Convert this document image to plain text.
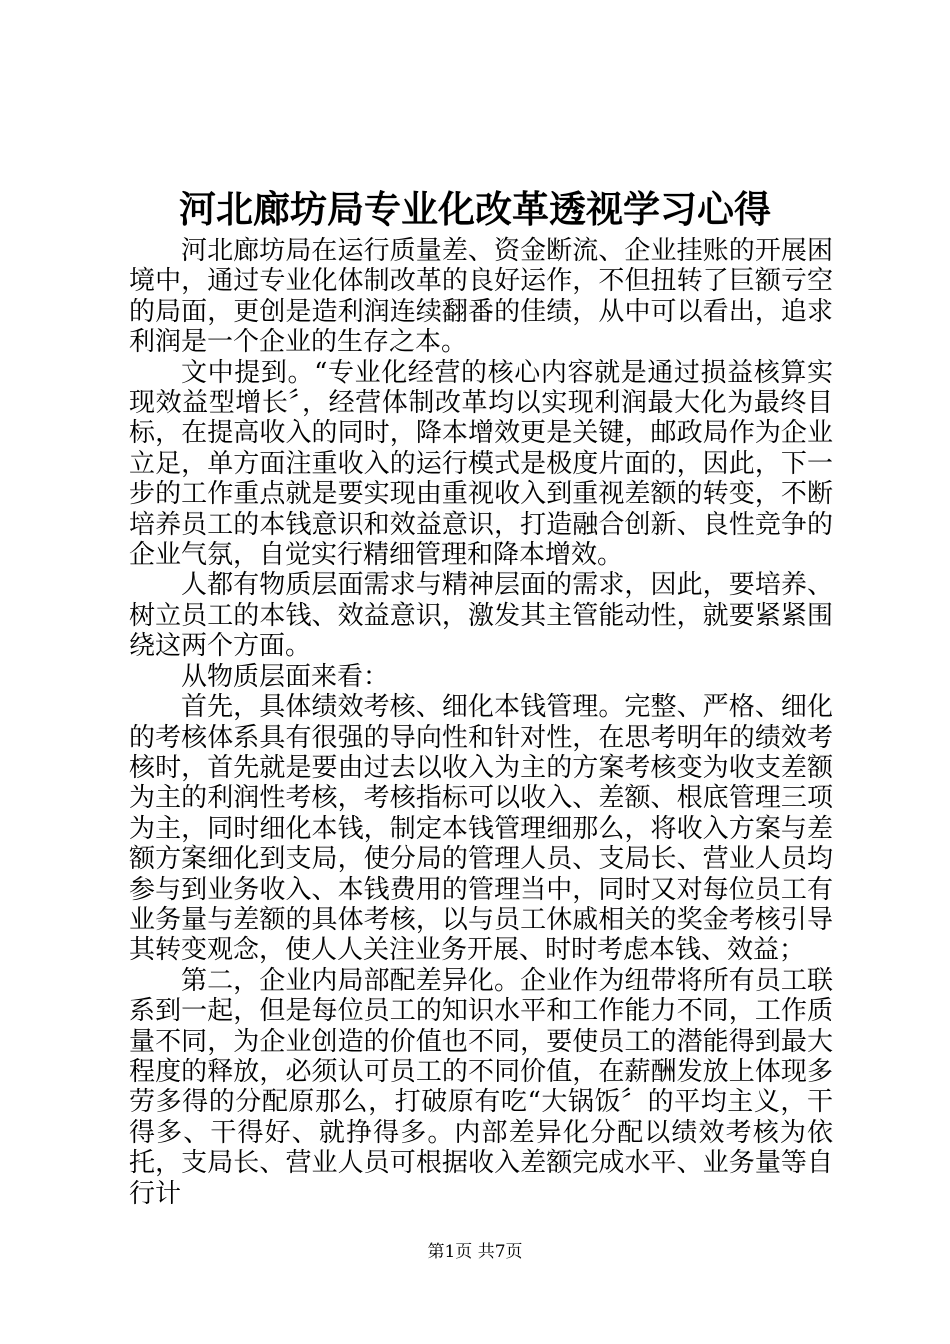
河北廊坊局专业化改革透视学习心得

河北廊坊局在运行质量差、资金断流、企业挂账的开展困境中，通过专业化体制改革的良好运作，不但扭转了巨额亏空的局面，更创是造利润连续翻番的佳绩，从中可以看出，追求利润是一个企业的生存之本。

文中提到。“专业化经营的核心内容就是通过损益核算实现效益型增长〞，经营体制改革均以实现利润最大化为最终目标，在提高收入的同时，降本增效更是关键，邮政局作为企业立足，单方面注重收入的运行模式是极度片面的，因此，下一步的工作重点就是要实现由重视收入到重视差额的转变，不断培养员工的本钱意识和效益意识，打造融合创新、良性竞争的企业气氛，自觉实行精细管理和降本增效。

人都有物质层面需求与精神层面的需求，因此，要培养、树立员工的本钱、效益意识，激发其主管能动性，就要紧紧围绕这两个方面。

从物质层面来看：

首先，具体绩效考核、细化本钱管理。完整、严格、细化的考核体系具有很强的导向性和针对性，在思考明年的绩效考核时，首先就是要由过去以收入为主的方案考核变为收支差额为主的利润性考核，考核指标可以收入、差额、根底管理三项为主，同时细化本钱，制定本钱管理细那么，将收入方案与差额方案细化到支局，使分局的管理人员、支局长、营业人员均参与到业务收入、本钱费用的管理当中，同时又对每位员工有业务量与差额的具体考核，以与员工休戚相关的奖金考核引导其转变观念，使人人关注业务开展、时时考虑本钱、效益；

第二，企业内局部配差异化。企业作为纽带将所有员工联系到一起，但是每位员工的知识水平和工作能力不同，工作质量不同，为企业创造的价值也不同，要使员工的潜能得到最大程度的释放，必须认可员工的不同价值，在薪酬发放上体现多劳多得的分配原那么，打破原有吃“大锅饭〞的平均主义，干得多、干得好、就挣得多。内部差异化分配以绩效考核为依托，支局长、营业人员可根据收入差额完成水平、业务量等自行计

第1页 共7页
